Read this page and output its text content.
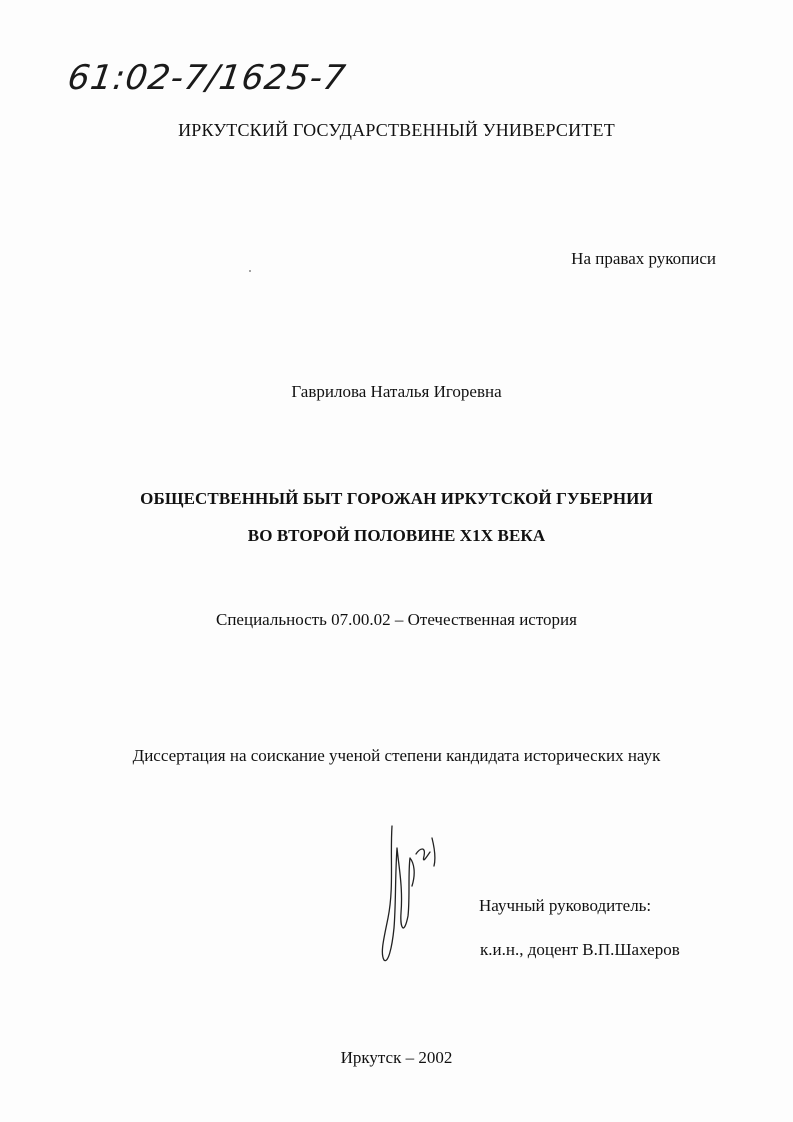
61:02-7/1625-7
ИРКУТСКИЙ ГОСУДАРСТВЕННЫЙ УНИВЕРСИТЕТ
На правах рукописи
Гаврилова Наталья Игоревна
ОБЩЕСТВЕННЫЙ БЫТ ГОРОЖАН ИРКУТСКОЙ ГУБЕРНИИ
ВО ВТОРОЙ ПОЛОВИНЕ X1X ВЕКА
Специальность 07.00.02 – Отечественная история
Диссертация на соискание ученой степени кандидата исторических наук
Научный руководитель:
к.и.н., доцент В.П.Шахеров
Иркутск – 2002
